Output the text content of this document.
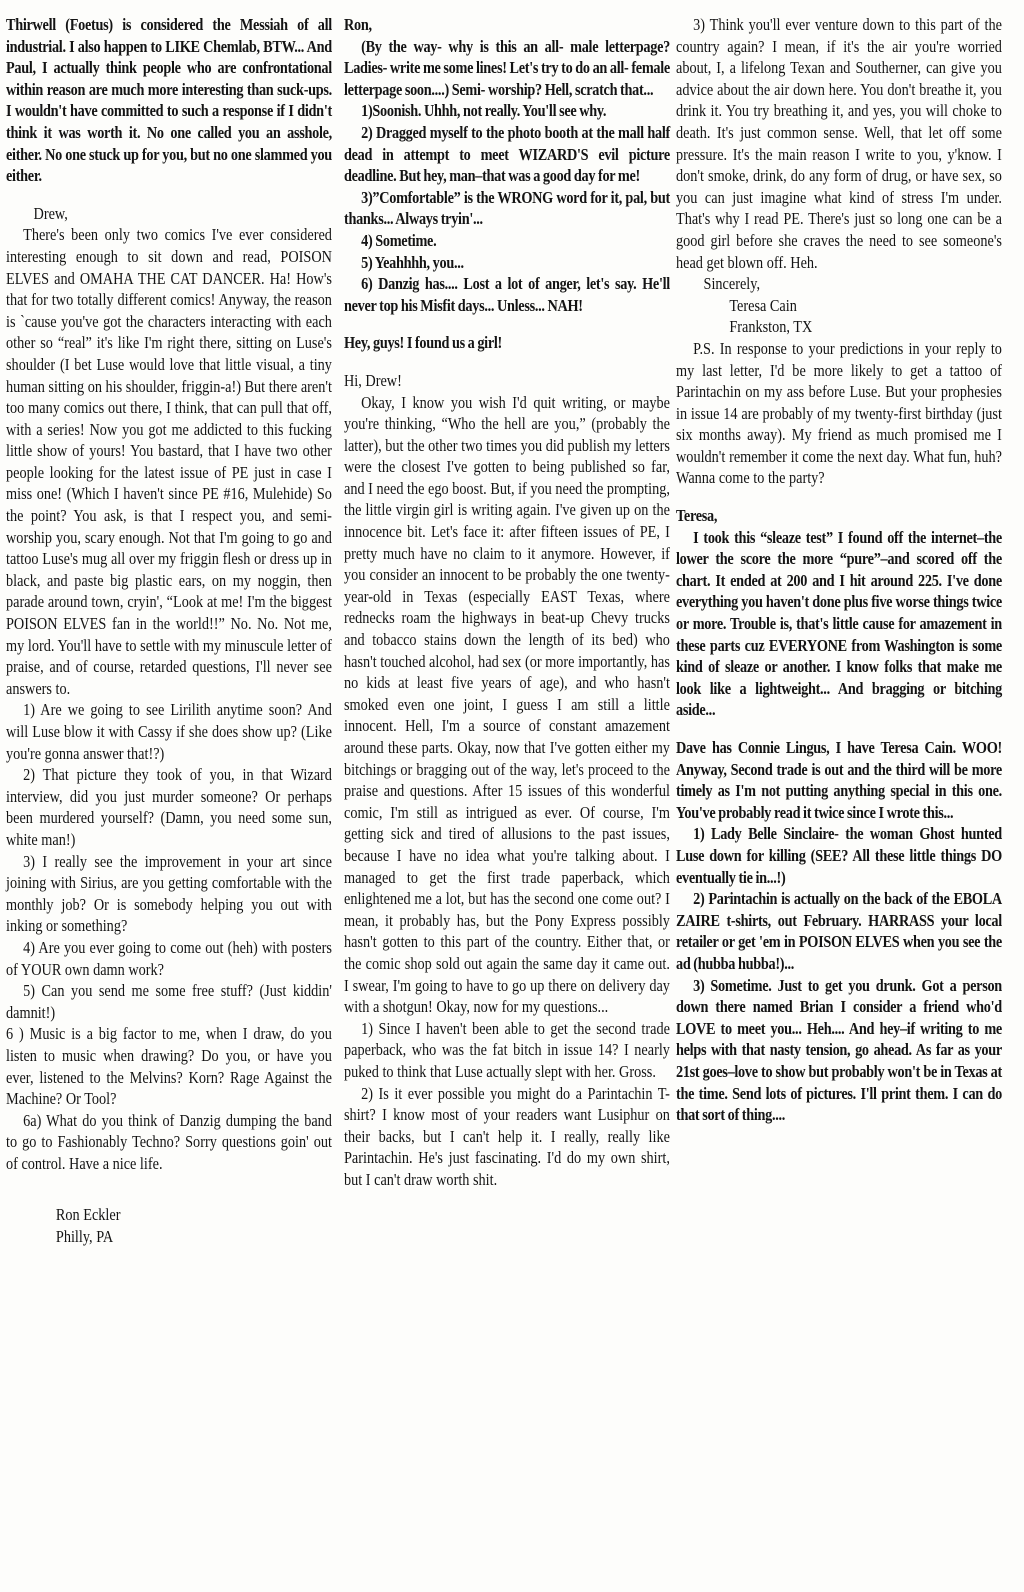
Thirwell (Foetus) is considered the Messiah of all industrial. I also happen to LIKE Chemlab, BTW... And Paul, I actually think people who are confrontational within reason are much more interesting than suck-ups. I wouldn't have committed to such a response if I didn't think it was worth it. No one called you an asshole, either. No one stuck up for you, but no one slammed you either.

Drew,

There's been only two comics I've ever considered interesting enough to sit down and read, POISON ELVES and OMAHA THE CAT DANCER. Ha! How's that for two totally different comics! Anyway, the reason is `cause you've got the characters interacting with each other so “real” it's like I'm right there, sitting on Luse's shoulder (I bet Luse would love that little visual, a tiny human sitting on his shoulder, friggin-a!) But there aren't too many comics out there, I think, that can pull that off, with a series! Now you got me addicted to this fucking little show of yours! You bastard, that I have two other people looking for the latest issue of PE just in case I miss one! (Which I haven't since PE #16, Mulehide) So the point? You ask, is that I respect you, and semi-worship you, scary enough. Not that I'm going to go and tattoo Luse's mug all over my friggin flesh or dress up in black, and paste big plastic ears, on my noggin, then parade around town, cryin', “Look at me! I'm the biggest POISON ELVES fan in the world!!” No. No. Not me, my lord. You'll have to settle with my minuscule letter of praise, and of course, retarded questions, I'll never see answers to.

1) Are we going to see Lirilith anytime soon? And will Luse blow it with Cassy if she does show up? (Like you're gonna answer that!?)

2) That picture they took of you, in that Wizard interview, did you just murder someone? Or perhaps been murdered yourself? (Damn, you need some sun, white man!)

3) I really see the improvement in your art since joining with Sirius, are you getting comfortable with the monthly job? Or is somebody helping you out with inking or something?

4) Are you ever going to come out (heh) with posters of YOUR own damn work?

5) Can you send me some free stuff? (Just kiddin' damnit!)

6 ) Music is a big factor to me, when I draw, do you listen to music when drawing? Do you, or have you ever, listened to the Melvins? Korn? Rage Against the Machine? Or Tool?

6a) What do you think of Danzig dumping the band to go to Fashionably Techno? Sorry questions goin' out of control. Have a nice life.

Ron Eckler

Philly, PA

Ron,

(By the way- why is this an all- male letterpage? Ladies- write me some lines! Let's try to do an all- female letterpage soon....) Semi- worship? Hell, scratch that...

1)Soonish. Uhhh, not really. You'll see why.

2) Dragged myself to the photo booth at the mall half dead in attempt to meet WIZARD'S evil picture deadline. But hey, man–that was a good day for me!

3)”Comfortable” is the WRONG word for it, pal, but thanks... Always tryin'...

4) Sometime.

5) Yeahhhh, you...

6) Danzig has.... Lost a lot of anger, let's say. He'll never top his Misfit days... Unless... NAH!

Hey, guys! I found us a girl!

Hi, Drew!

Okay, I know you wish I'd quit writing, or maybe you're thinking, “Who the hell are you,” (probably the latter), but the other two times you did publish my letters were the closest I've gotten to being published so far, and I need the ego boost. But, if you need the prompting, the little virgin girl is writing again. I've given up on the innocence bit. Let's face it: after fifteen issues of PE, I pretty much have no claim to it anymore. However, if you consider an innocent to be probably the one twenty-year-old in Texas (especially EAST Texas, where rednecks roam the highways in beat-up Chevy trucks and tobacco stains down the length of its bed) who hasn't touched alcohol, had sex (or more importantly, has no kids at least five years of age), and who hasn't smoked even one joint, I guess I am still a little innocent. Hell, I'm a source of constant amazement around these parts. Okay, now that I've gotten either my bitchings or bragging out of the way, let's proceed to the praise and questions. After 15 issues of this wonderful comic, I'm still as intrigued as ever. Of course, I'm getting sick and tired of allusions to the past issues, because I have no idea what you're talking about. I managed to get the first trade paperback, which enlightened me a lot, but has the second one come out? I mean, it probably has, but the Pony Express possibly hasn't gotten to this part of the country. Either that, or the comic shop sold out again the same day it came out. I swear, I'm going to have to go up there on delivery day with a shotgun! Okay, now for my questions...

1) Since I haven't been able to get the second trade paperback, who was the fat bitch in issue 14? I nearly puked to think that Luse actually slept with her. Gross.

2) Is it ever possible you might do a Parintachin T-shirt? I know most of your readers want Lusiphur on their backs, but I can't help it. I really, really like Parintachin. He's just fascinating. I'd do my own shirt, but I can't draw worth shit.

3) Think you'll ever venture down to this part of the country again? I mean, if it's the air you're worried about, I, a lifelong Texan and Southerner, can give you advice about the air down here. You don't breathe it, you drink it. You try breathing it, and yes, you will choke to death. It's just common sense. Well, that let off some pressure. It's the main reason I write to you, y'know. I don't smoke, drink, do any form of drug, or have sex, so you can just imagine what kind of stress I'm under. That's why I read PE. There's just so long one can be a good girl before she craves the need to see someone's head get blown off. Heh.

Sincerely,

Teresa Cain

Frankston, TX

P.S. In response to your predictions in your reply to my last letter, I'd be more likely to get a tattoo of Parintachin on my ass before Luse. But your prophesies in issue 14 are probably of my twenty-first birthday (just six months away). My friend as much promised me I wouldn't remember it come the next day. What fun, huh? Wanna come to the party?

Teresa,

I took this “sleaze test” I found off the internet–the lower the score the more “pure”–and scored off the chart. It ended at 200 and I hit around 225. I've done everything you haven't done plus five worse things twice or more. Trouble is, that's little cause for amazement in these parts cuz EVERYONE from Washington is some kind of sleaze or another. I know folks that make me look like a lightweight... And bragging or bitching aside...

Dave has Connie Lingus, I have Teresa Cain. WOO! Anyway, Second trade is out and the third will be more timely as I'm not putting anything special in this one. You've probably read it twice since I wrote this...

1) Lady Belle Sinclaire- the woman Ghost hunted Luse down for killing (SEE? All these little things DO eventually tie in...!)

2) Parintachin is actually on the back of the EBOLA ZAIRE t-shirts, out February. HARRASS your local retailer or get 'em in POISON ELVES when you see the ad (hubba hubba!)...

3) Sometime. Just to get you drunk. Got a person down there named Brian I consider a friend who'd LOVE to meet you... Heh.... And hey–if writing to me helps with that nasty tension, go ahead. As far as your 21st goes–love to show but probably won't be in Texas at the time. Send lots of pictures. I'll print them. I can do that sort of thing....
